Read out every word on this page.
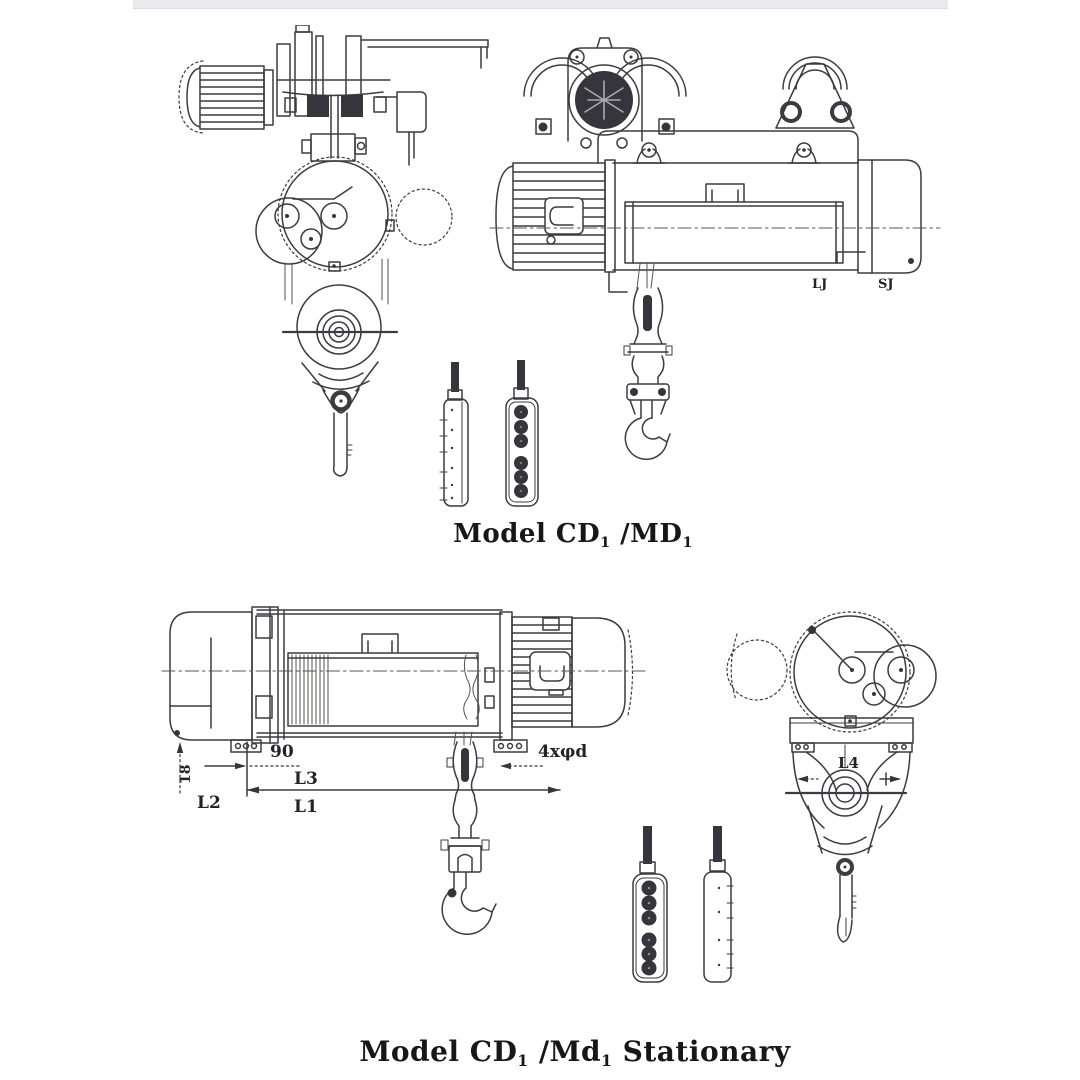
LJ	SJ
Model $CD_1$ $/MD_1$
90
L3
L1
L2
18
4xφd
L4
Model $CD_1$ $/Md_1$ Stationary
